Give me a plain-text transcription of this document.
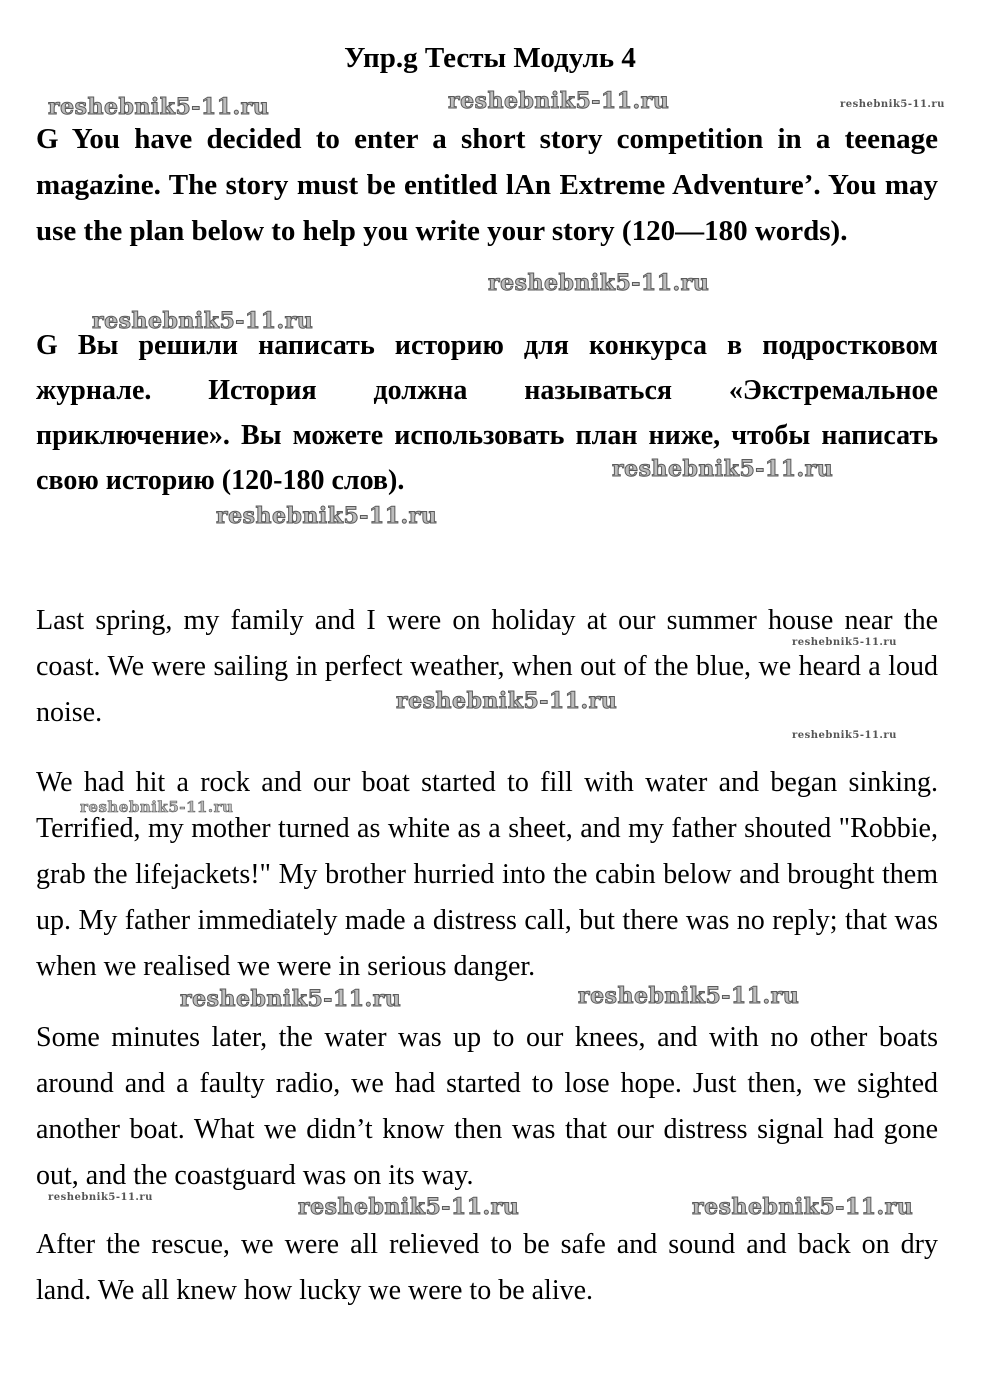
Упр.g Тесты Модуль 4

G You have decided to enter a short story competition in a teenage magazine. The story must be entitled lAn Extreme Adventure’. You may use the plan below to help you write your story (120—180 words).

G Вы решили написать историю для конкурса в подростковом журнале. История должна называться «Экстремальное приключение». Вы можете использовать план ниже, чтобы написать свою историю (120-180 слов).

Last spring, my family and I were on holiday at our summer house near the coast. We were sailing in perfect weather, when out of the blue, we heard a loud noise.

We had hit a rock and our boat started to fill with water and began sinking. Terrified, my mother turned as white as a sheet, and my father shouted "Robbie, grab the lifejackets!" My brother hurried into the cabin below and brought them up. My father immediately made a distress call, but there was no reply; that was when we realised we were in serious danger.

Some minutes later, the water was up to our knees, and with no other boats around and a faulty radio, we had started to lose hope. Just then, we sighted another boat. What we didn’t know then was that our distress signal had gone out, and the coastguard was on its way.

After the rescue, we were all relieved to be safe and sound and back on dry land. We all knew how lucky we were to be alive.

reshebnik5-11.ru	reshebnik5-11.ru	reshebnik5-11.ru
reshebnik5-11.ru
reshebnik5-11.ru
reshebnik5-11.ru
reshebnik5-11.ru
reshebnik5-11.ru
reshebnik5-11.ru
reshebnik5-11.ru
reshebnik5-11.ru
reshebnik5-11.ru	reshebnik5-11.ru
reshebnik5-11.ru	reshebnik5-11.ru	reshebnik5-11.ru
